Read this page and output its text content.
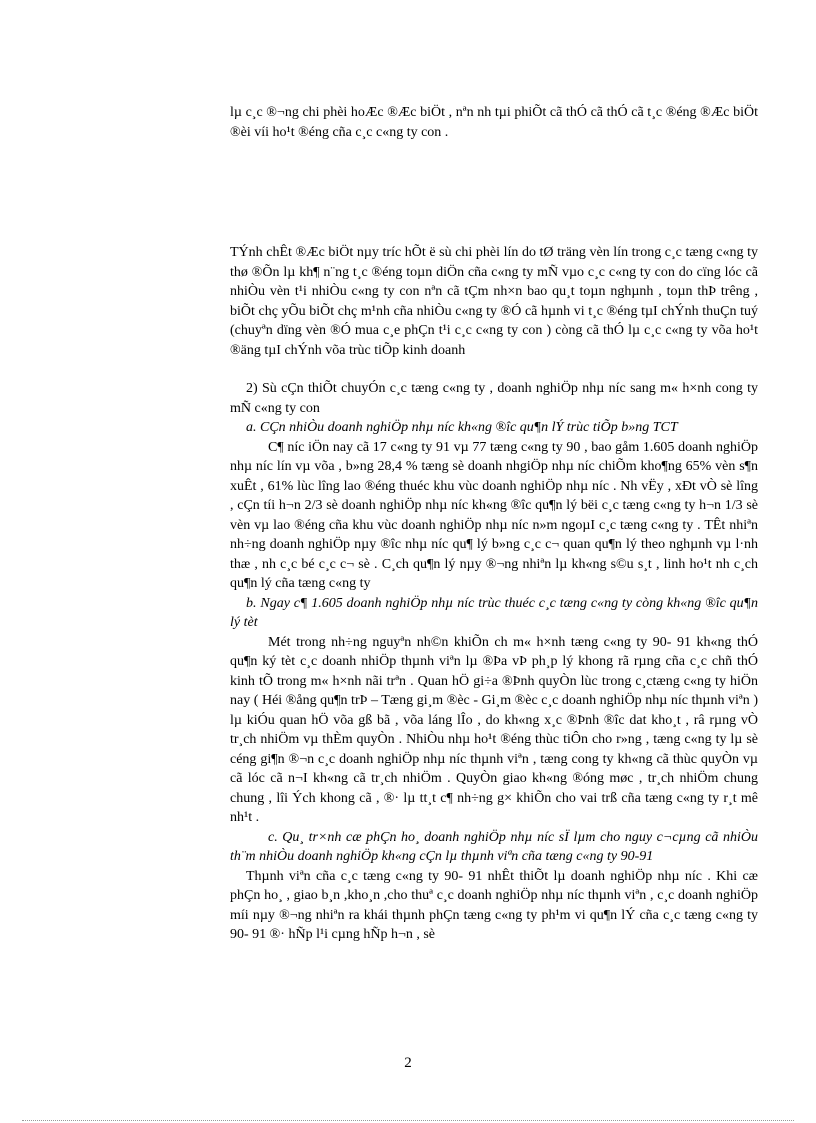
lµ c¸c ®¬ng chi phèi hoÆc ®Æc biÖt , nªn nh tµi phiÕt cã thÓ cã thÓ cã t¸c ®éng ®Æc biÖt ®èi víi ho¹t ®éng cña c¸c c«ng ty con .

TÝnh chÊt ®Æc biÖt nµy tríc hÕt ë sù chi phèi lín do tØ träng vèn lín trong c¸c tæng c«ng ty thø ®Õn lµ kh¶ n¨ng t¸c ®éng toµn diÖn cña c«ng ty mÑ vµo c¸c c«ng ty con do cïng lóc cã nhiÒu vèn t¹i nhiÒu c«ng ty con nªn cã tÇm nh×n bao qu¸t toµn nghµnh , toµn thÞ trêng , biÕt chç yÕu biÕt chç m¹nh cña nhiÒu c«ng ty ®Ó cã hµnh vi t¸c ®éng tµI chÝnh thuÇn tuý (chuyªn dïng vèn ®Ó mua c¸e phÇn t¹i c¸c c«ng ty con ) còng cã thÓ lµ c¸c c«ng ty võa ho¹t ®äng tµI chÝnh võa trùc tiÕp kinh doanh

2) Sù cÇn thiÕt chuyÓn c¸c tæng c«ng ty , doanh nghiÖp nhµ níc sang m« h×nh cong ty mÑ c«ng ty con

a. CÇn nhiÒu doanh nghiÖp nhµ níc kh«ng ®îc qu¶n lÝ trùc tiÕp b»ng TCT

C¶ níc iÖn nay cã 17 c«ng ty 91 vµ 77 tæng c«ng ty 90 , bao gåm 1.605 doanh nghiÖp nhµ níc lín vµ võa , b»ng 28,4 % tæng sè doanh nhgiÖp nhµ níc chiÕm kho¶ng 65% vèn s¶n xuÊt , 61% lùc lîng lao ®éng thuéc khu vùc doanh nghiÖp nhµ níc . Nh vËy , xÐt vÒ sè lîng , cÇn tíi h¬n 2/3 sè doanh nghiÖp nhµ níc kh«ng ®îc qu¶n lý bëi c¸c tæng c«ng ty h¬n 1/3 sè vèn vµ lao ®éng cña khu vùc doanh nghiÖp nhµ níc n»m ngoµI c¸c tæng c«ng ty . TÊt nhiªn nh÷ng doanh nghiÖp nµy ®îc nhµ níc qu¶ lý b»ng c¸c c¬ quan qu¶n lý theo nghµnh vµ l·nh thæ , nh c¸c bé c¸c c¬ sè . C¸ch qu¶n lý nµy ®¬ng nhiªn lµ kh«ng s©u s¸t , linh ho¹t nh c¸ch qu¶n lý cña tæng c«ng ty

b. Ngay c¶ 1.605 doanh nghiÖp nhµ níc trùc thuéc c¸c tæng c«ng ty còng kh«ng ®îc qu¶n lý tèt

Mét trong nh÷ng nguyªn nh©n khiÕn ch m« h×nh tæng c«ng ty 90- 91 kh«ng thÓ qu¶n ký tèt c¸c doanh nhiÖp thµnh viªn lµ ®Þa vÞ ph¸p lý khong rã rµng cña c¸c chñ thÓ kinh tÕ trong m« h×nh nãi trªn . Quan hÖ gi÷a ®Þnh quyÒn lùc trong c¸ctæng c«ng ty hiÖn nay ( Héi ®ång qu¶n trÞ – Tæng gi¸m ®èc - Gi¸m ®èc c¸c doanh nghiÖp nhµ níc thµnh viªn ) lµ kiÓu quan hÖ võa gß bã , võa láng lÎo , do kh«ng x¸c ®Þnh ®îc dat kho¸t , râ rµng vÒ tr¸ch nhiÖm vµ thÈm quyÒn . NhiÒu nhµ ho¹t ®éng thùc tiÔn cho r»ng , tæng c«ng ty lµ sè céng gi¶n ®¬n c¸c doanh nghiÖp nhµ níc thµnh viªn , tæng cong ty kh«ng cã thùc quyÒn vµ cã lóc cã n¬I kh«ng cã tr¸ch nhiÖm . QuyÒn giao kh«ng ®óng møc , tr¸ch nhiÖm chung chung , lîi Ých khong cã , ®· lµ tt¸t c¶ nh÷ng g× khiÕn cho vai trß cña tæng c«ng ty r¸t mê nh¹t .

c. Qu¸ tr×nh cæ phÇn ho¸ doanh nghiÖp nhµ níc sÏ lµm cho nguy c¬cµng cã nhiÒu th¨m nhiÒu doanh nghiÖp kh«ng cÇn lµ thµnh viªn cña tæng c«ng ty 90-91

Thµnh viªn cña c¸c tæng c«ng ty 90- 91 nhÊt thiÕt lµ doanh nghiÖp nhµ níc . Khi cæ phÇn ho¸ , giao b¸n ,kho¸n ,cho thuª c¸c doanh nghiÖp nhµ níc thµnh viªn , c¸c doanh nghiÖp míi nµy ®¬ng nhiªn ra khái thµnh phÇn tæng c«ng ty ph¹m vi qu¶n lÝ cña c¸c tæng c«ng ty 90- 91 ®· hÑp l¹i cµng hÑp h¬n , sè

2
